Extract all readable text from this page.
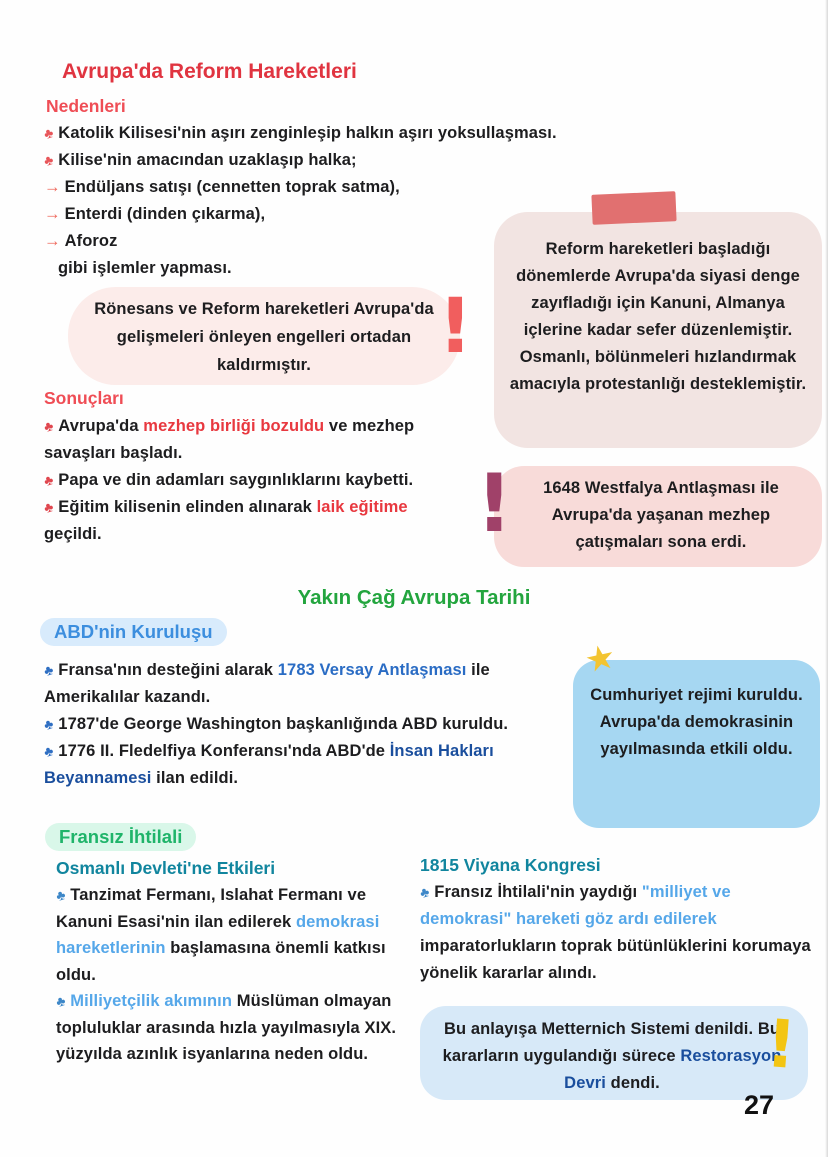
Avrupa'da Reform Hareketleri
Nedenleri
♣ Katolik Kilisesi'nin aşırı zenginleşip halkın aşırı yoksullaşması.
♣ Kilise'nin amacından uzaklaşıp halka;
→ Endüljans satışı (cennetten toprak satma),
→ Enterdi (dinden çıkarma),
→ Aforoz
gibi işlemler yapması.
Reform hareketleri başladığı dönemlerde Avrupa'da siyasi denge zayıfladığı için Kanuni, Almanya içlerine kadar sefer düzenlemiştir. Osmanlı, bölünmeleri hızlandırmak amacıyla protestanlığı desteklemiştir.
Rönesans ve Reform hareketleri Avrupa'da gelişmeleri önleyen engelleri ortadan kaldırmıştır.	!
Sonuçları
♣ Avrupa'da mezhep birliği bozuldu ve mezhep savaşları başladı.
♣ Papa ve din adamları saygınlıklarını kaybetti.
♣ Eğitim kilisenin elinden alınarak laik eğitime geçildi.	!	1648 Westfalya Antlaşması ile Avrupa'da yaşanan mezhep çatışmaları sona erdi.
Yakın Çağ Avrupa Tarihi
ABD'nin Kuruluşu
♣ Fransa'nın desteğini alarak 1783 Versay Antlaşması ile Amerikalılar kazandı.
♣ 1787'de George Washington başkanlığında ABD kuruldu.
♣ 1776 II. Fledelfiya Konferansı'nda ABD'de İnsan Hakları Beyannamesi ilan edildi.
Cumhuriyet rejimi kuruldu. Avrupa'da demokrasinin yayılmasında etkili oldu.
★
Fransız İhtilali
Osmanlı Devleti'ne Etkileri
♣ Tanzimat Fermanı, Islahat Fermanı ve Kanuni Esasi'nin ilan edilerek demokrasi hareketlerinin başlamasına önemli katkısı oldu.
♣ Milliyetçilik akımının Müslüman olmayan topluluklar arasında hızla yayılmasıyla XIX. yüzyılda azınlık isyanlarına neden oldu.
1815 Viyana Kongresi
♣ Fransız İhtilali'nin yaydığı "milliyet ve demokrasi" hareketi göz ardı edilerek imparatorlukların toprak bütünlüklerini korumaya yönelik kararlar alındı.
Bu anlayışa Metternich Sistemi denildi. Bu kararların uygulandığı sürece Restorasyon Devri dendi.	!
27
